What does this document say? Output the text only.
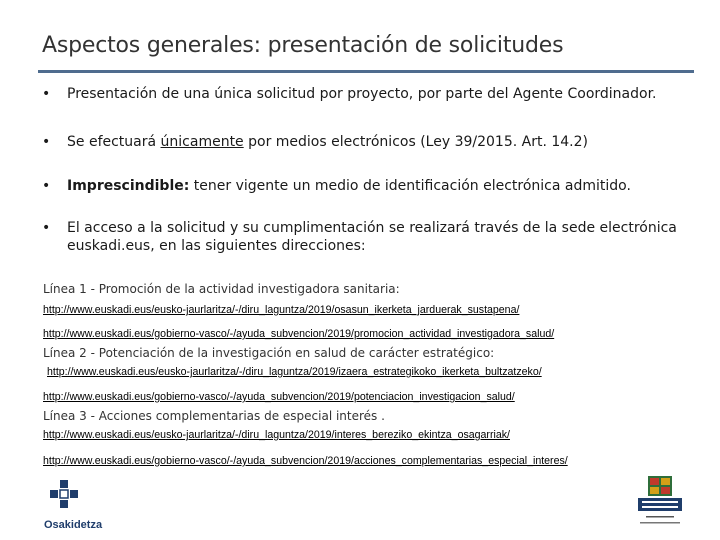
Aspectos generales: presentación de solicitudes
• Presentación de una única solicitud por proyecto, por parte del Agente Coordinador.
• Se efectuará únicamente por medios electrónicos (Ley 39/2015. Art. 14.2)
• Imprescindible: tener vigente un medio de identificación electrónica admitido.
• El acceso a la solicitud y su cumplimentación se realizará través de la sede electrónica euskadi.eus, en las siguientes direcciones:
Línea 1 - Promoción de la actividad investigadora sanitaria:
http://www.euskadi.eus/eusko-jaurlaritza/-/diru_laguntza/2019/osasun_ikerketa_jarduerak_sustapena/
http://www.euskadi.eus/gobierno-vasco/-/ayuda_subvencion/2019/promocion_actividad_investigadora_salud/
Línea 2 - Potenciación de la investigación en salud de carácter estratégico:
http://www.euskadi.eus/eusko-jaurlaritza/-/diru_laguntza/2019/izaera_estrategikoko_ikerketa_bultzatzeko/
http://www.euskadi.eus/gobierno-vasco/-/ayuda_subvencion/2019/potenciacion_investigacion_salud/
Línea 3 - Acciones complementarias de especial interés .
http://www.euskadi.eus/eusko-jaurlaritza/-/diru_laguntza/2019/interes_bereziko_ekintza_osagarriak/
http://www.euskadi.eus/gobierno-vasco/-/ayuda_subvencion/2019/acciones_complementarias_especial_interes/
Osakidetza
